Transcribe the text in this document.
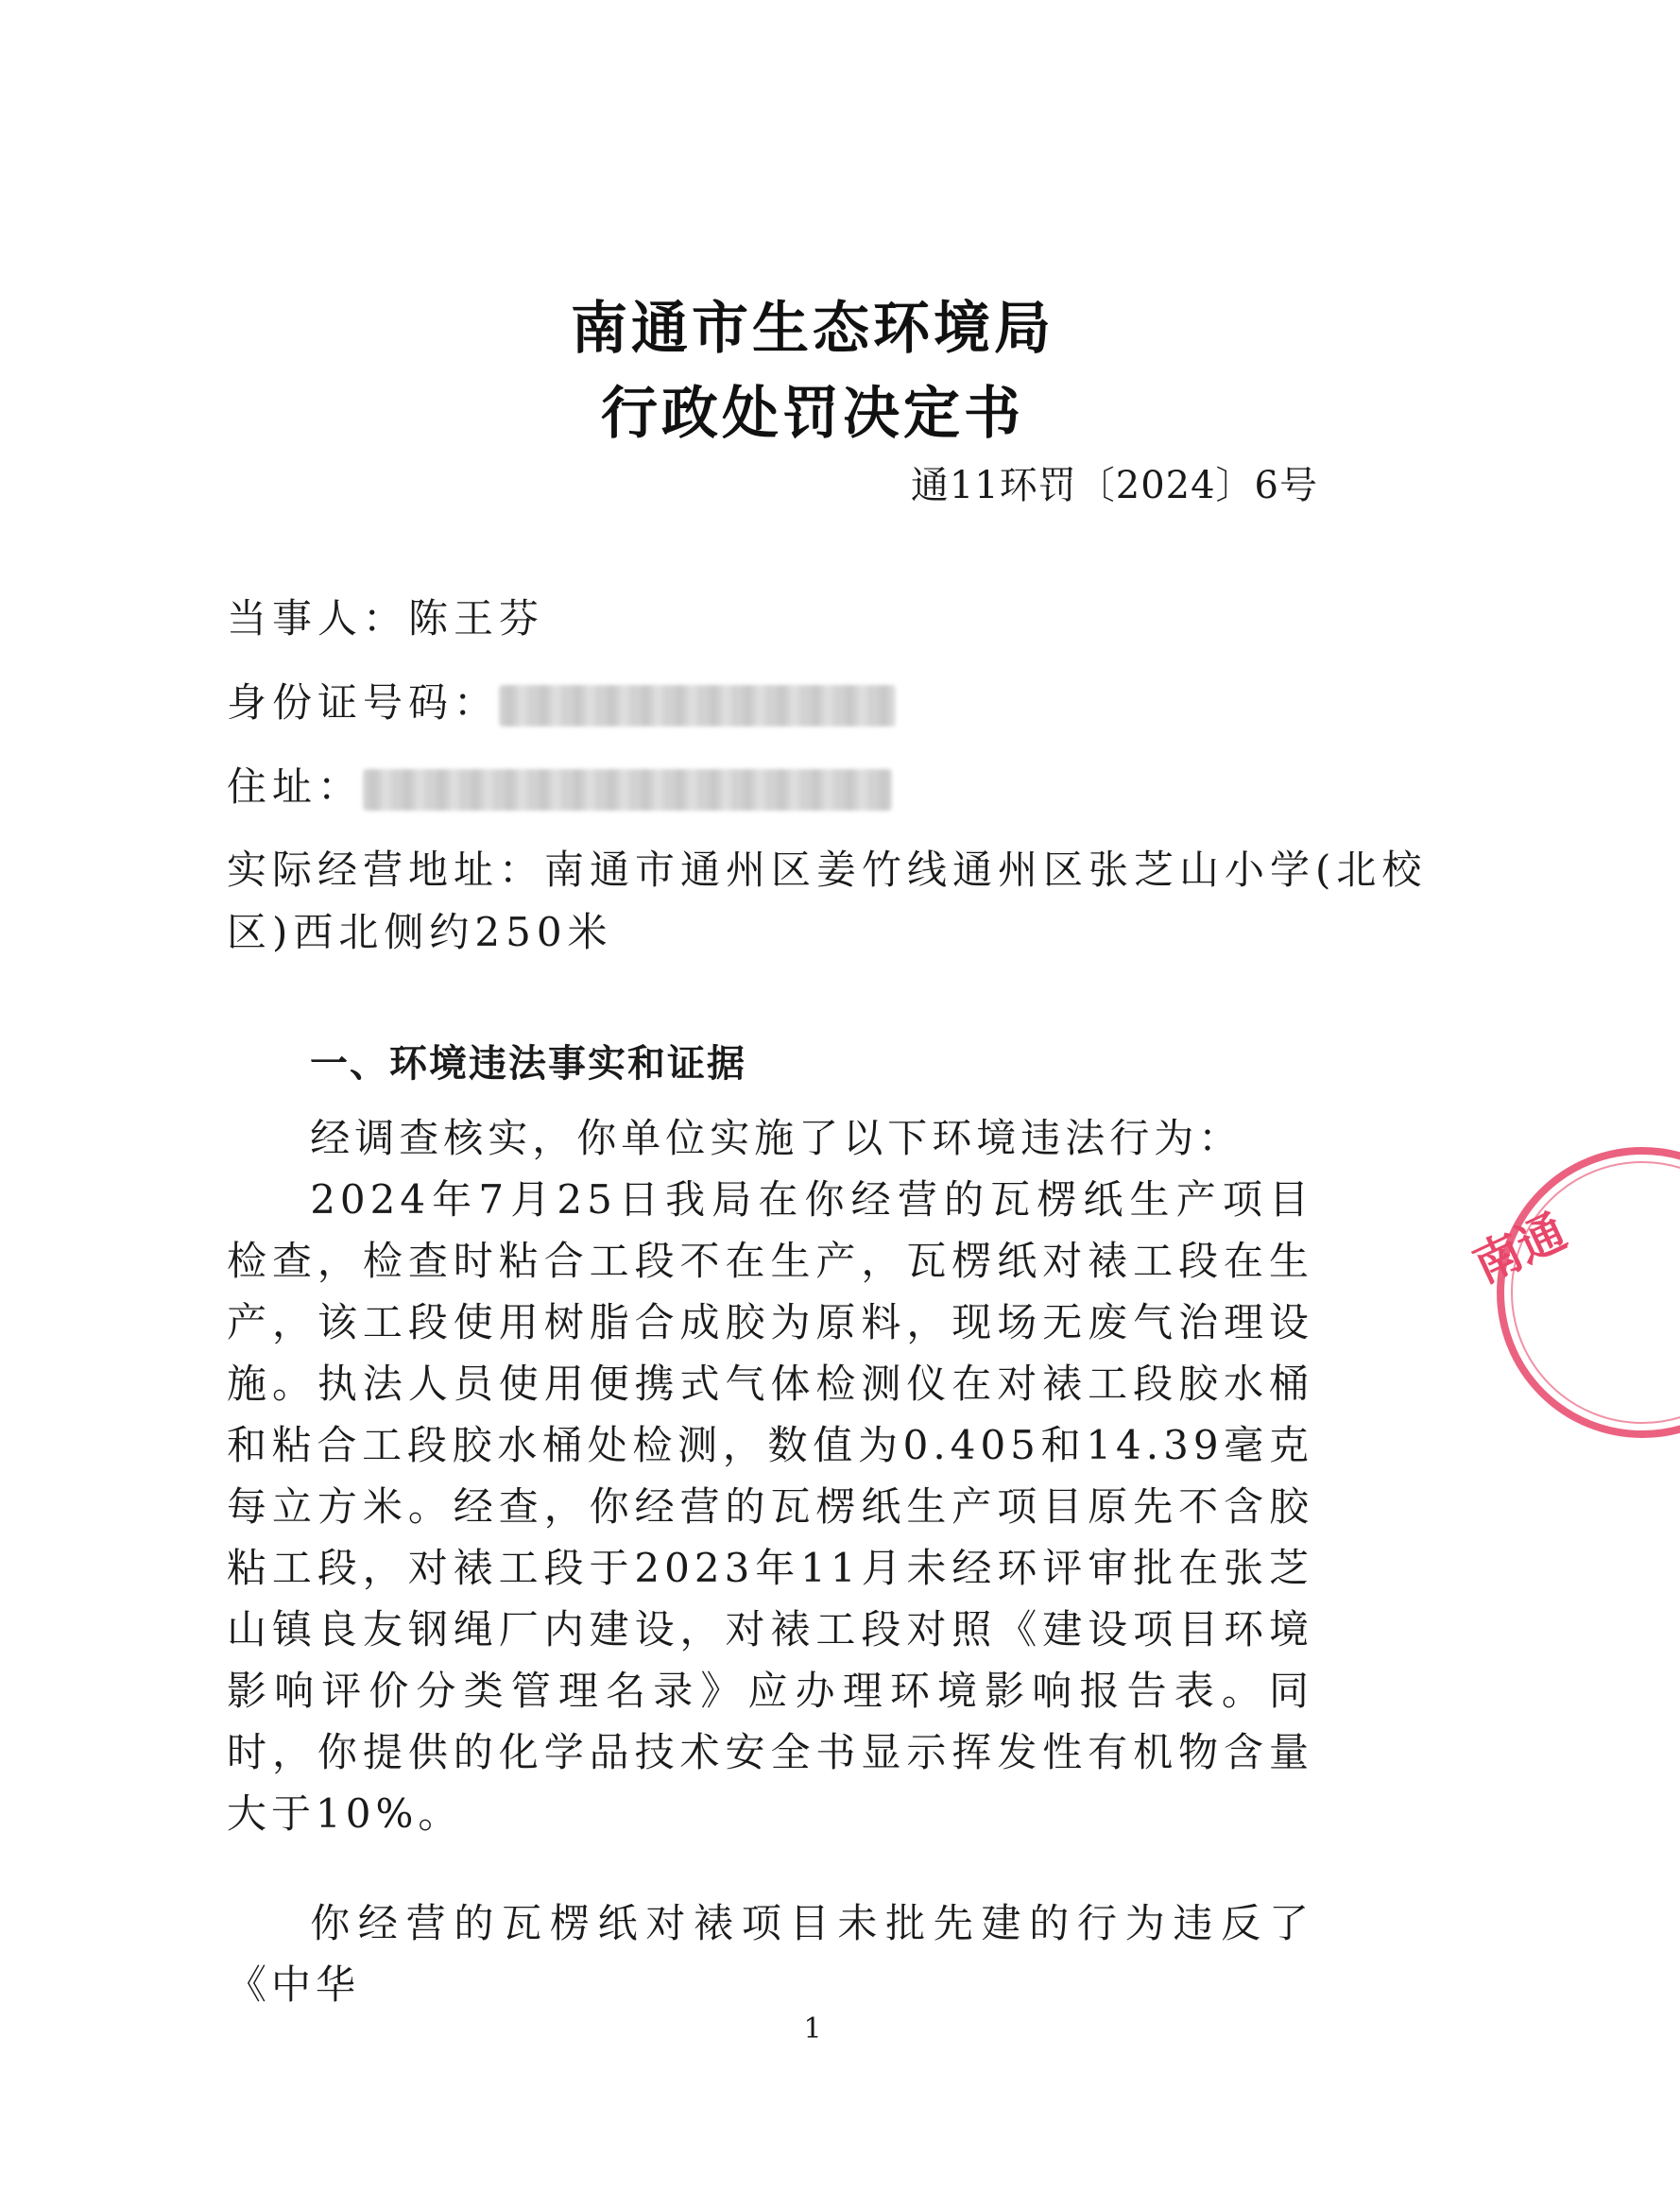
南通市生态环境局
行政处罚决定书
通11环罚〔2024〕6号
当事人：陈王芬
身份证号码：
住址：
实际经营地址：南通市通州区姜竹线通州区张芝山小学(北校
区)西北侧约250米
一、环境违法事实和证据

经调查核实，你单位实施了以下环境违法行为：

2024年7月25日我局在你经营的瓦楞纸生产项目检查，检查时粘合工段不在生产，瓦楞纸对裱工段在生产，该工段使用树脂合成胶为原料，现场无废气治理设施。执法人员使用便携式气体检测仪在对裱工段胶水桶和粘合工段胶水桶处检测，数值为0.405和14.39毫克每立方米。经查，你经营的瓦楞纸生产项目原先不含胶粘工段，对裱工段于2023年11月未经环评审批在张芝山镇良友钢绳厂内建设，对裱工段对照《建设项目环境影响评价分类管理名录》应办理环境影响报告表。同时，你提供的化学品技术安全书显示挥发性有机物含量大于10%。

你经营的瓦楞纸对裱项目未批先建的行为违反了《中华

1
南通
